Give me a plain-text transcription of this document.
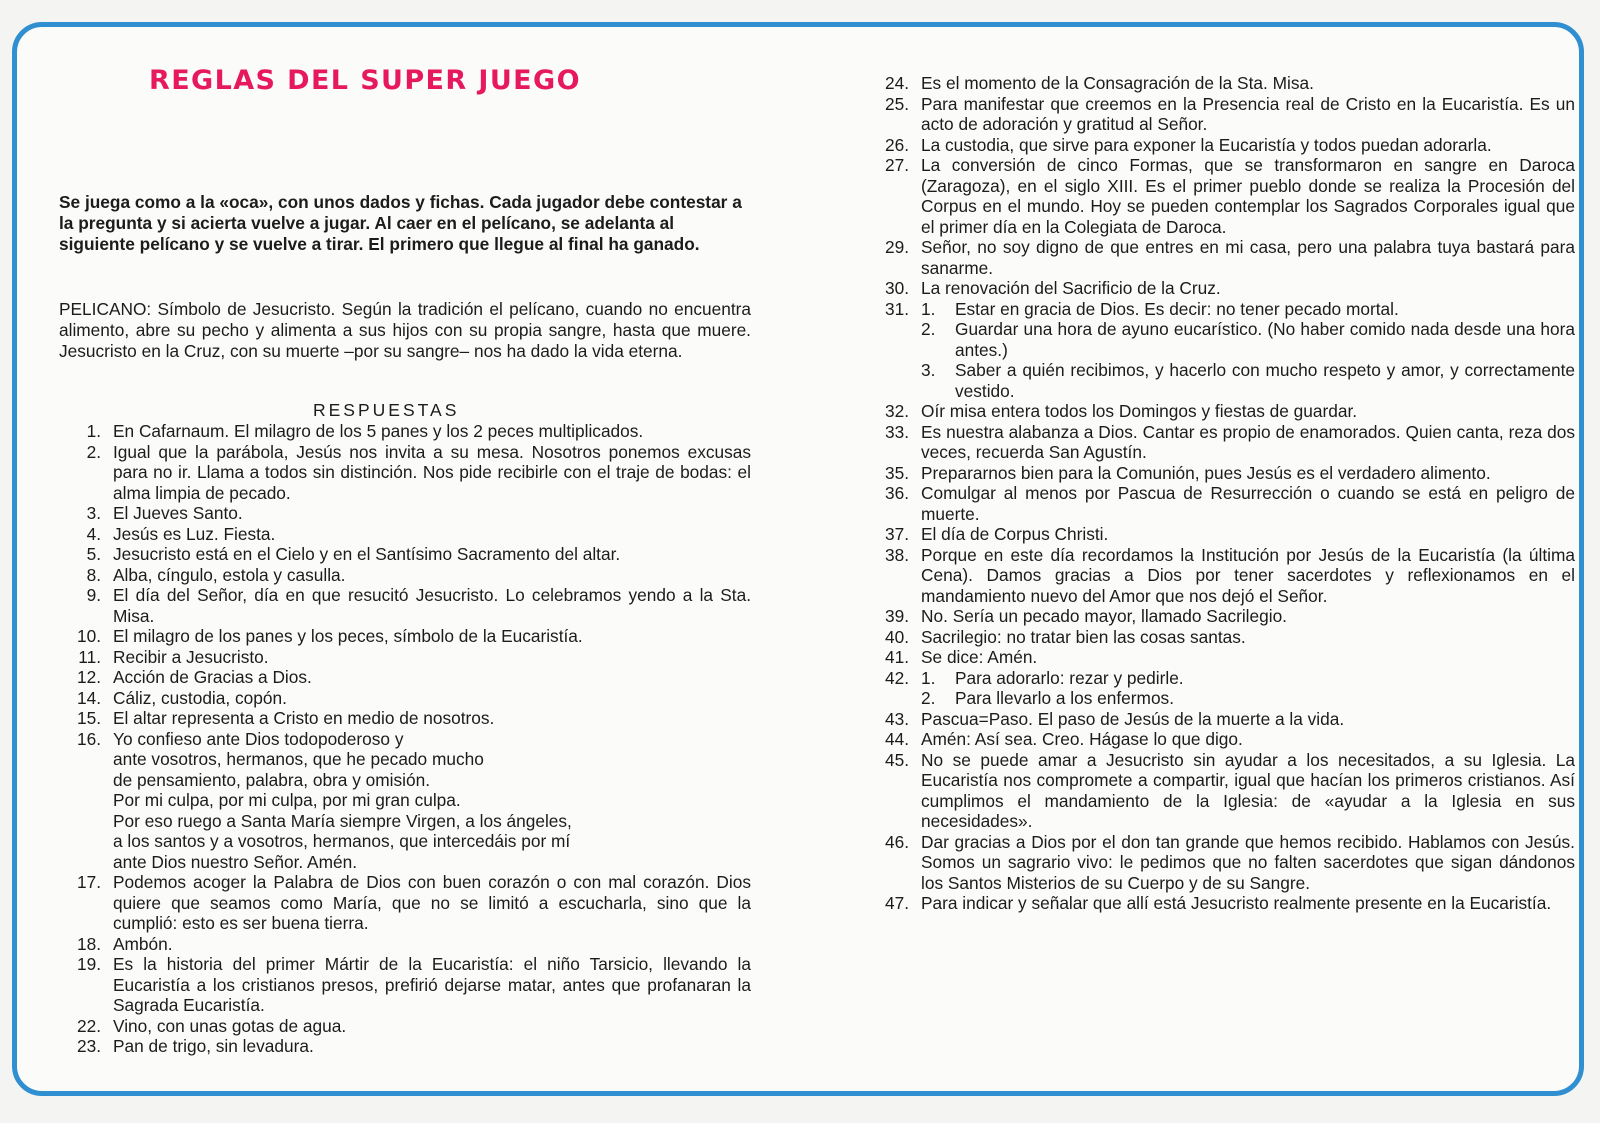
REGLAS DEL SUPER JUEGO

Se juega como a la «oca», con unos dados y fichas. Cada jugador debe contestar a la pregunta y si acierta vuelve a jugar. Al caer en el pelícano, se adelanta al siguiente pelícano y se vuelve a tirar. El primero que llegue al final ha ganado.

PELICANO: Símbolo de Jesucristo. Según la tradición el pelícano, cuando no encuentra alimento, abre su pecho y alimenta a sus hijos con su propia sangre, hasta que muere. Jesucristo en la Cruz, con su muerte –por su sangre– nos ha dado la vida eterna.

RESPUESTAS
1. En Cafarnaum. El milagro de los 5 panes y los 2 peces multiplicados.
2. Igual que la parábola, Jesús nos invita a su mesa. Nosotros ponemos excusas para no ir. Llama a todos sin distinción. Nos pide recibirle con el traje de bodas: el alma limpia de pecado.
3. El Jueves Santo.
4. Jesús es Luz. Fiesta.
5. Jesucristo está en el Cielo y en el Santísimo Sacramento del altar.
8. Alba, cíngulo, estola y casulla.
9. El día del Señor, día en que resucitó Jesucristo. Lo celebramos yendo a la Sta. Misa.
10. El milagro de los panes y los peces, símbolo de la Eucaristía.
11. Recibir a Jesucristo.
12. Acción de Gracias a Dios.
14. Cáliz, custodia, copón.
15. El altar representa a Cristo en medio de nosotros.
16. Yo confieso ante Dios todopoderoso y
ante vosotros, hermanos, que he pecado mucho
de pensamiento, palabra, obra y omisión.
Por mi culpa, por mi culpa, por mi gran culpa.
Por eso ruego a Santa María siempre Virgen, a los ángeles,
a los santos y a vosotros, hermanos, que intercedáis por mí
ante Dios nuestro Señor. Amén.
17. Podemos acoger la Palabra de Dios con buen corazón o con mal corazón. Dios quiere que seamos como María, que no se limitó a escucharla, sino que la cumplió: esto es ser buena tierra.
18. Ambón.
19. Es la historia del primer Mártir de la Eucaristía: el niño Tarsicio, llevando la Eucaristía a los cristianos presos, prefirió dejarse matar, antes que profanaran la Sagrada Eucaristía.
22. Vino, con unas gotas de agua.
23. Pan de trigo, sin levadura.
24. Es el momento de la Consagración de la Sta. Misa.
25. Para manifestar que creemos en la Presencia real de Cristo en la Eucaristía. Es un acto de adoración y gratitud al Señor.
26. La custodia, que sirve para exponer la Eucaristía y todos puedan adorarla.
27. La conversión de cinco Formas, que se transformaron en sangre en Daroca (Zaragoza), en el siglo XIII. Es el primer pueblo donde se realiza la Procesión del Corpus en el mundo. Hoy se pueden contemplar los Sagrados Corporales igual que el primer día en la Colegiata de Daroca.
29. Señor, no soy digno de que entres en mi casa, pero una palabra tuya bastará para sanarme.
30. La renovación del Sacrificio de la Cruz.
31. 1.	Estar en gracia de Dios. Es decir: no tener pecado mortal.
2.	Guardar una hora de ayuno eucarístico. (No haber comido nada desde una hora antes.)
3.	Saber a quién recibimos, y hacerlo con mucho respeto y amor, y correctamente vestido.
32. Oír misa entera todos los Domingos y fiestas de guardar.
33. Es nuestra alabanza a Dios. Cantar es propio de enamorados. Quien canta, reza dos veces, recuerda San Agustín.
35. Prepararnos bien para la Comunión, pues Jesús es el verdadero alimento.
36. Comulgar al menos por Pascua de Resurrección o cuando se está en peligro de muerte.
37. El día de Corpus Christi.
38. Porque en este día recordamos la Institución por Jesús de la Eucaristía (la última Cena). Damos gracias a Dios por tener sacerdotes y reflexionamos en el mandamiento nuevo del Amor que nos dejó el Señor.
39. No. Sería un pecado mayor, llamado Sacrilegio.
40. Sacrilegio: no tratar bien las cosas santas.
41. Se dice: Amén.
42. 1.	Para adorarlo: rezar y pedirle.
2.	Para llevarlo a los enfermos.
43. Pascua=Paso. El paso de Jesús de la muerte a la vida.
44. Amén: Así sea. Creo. Hágase lo que digo.
45. No se puede amar a Jesucristo sin ayudar a los necesitados, a su Iglesia. La Eucaristía nos compromete a compartir, igual que hacían los primeros cristianos. Así cumplimos el mandamiento de la Iglesia: de «ayudar a la Iglesia en sus necesidades».
46. Dar gracias a Dios por el don tan grande que hemos recibido. Hablamos con Jesús. Somos un sagrario vivo: le pedimos que no falten sacerdotes que sigan dándonos los Santos Misterios de su Cuerpo y de su Sangre.
47. Para indicar y señalar que allí está Jesucristo realmente presente en la Eucaristía.
